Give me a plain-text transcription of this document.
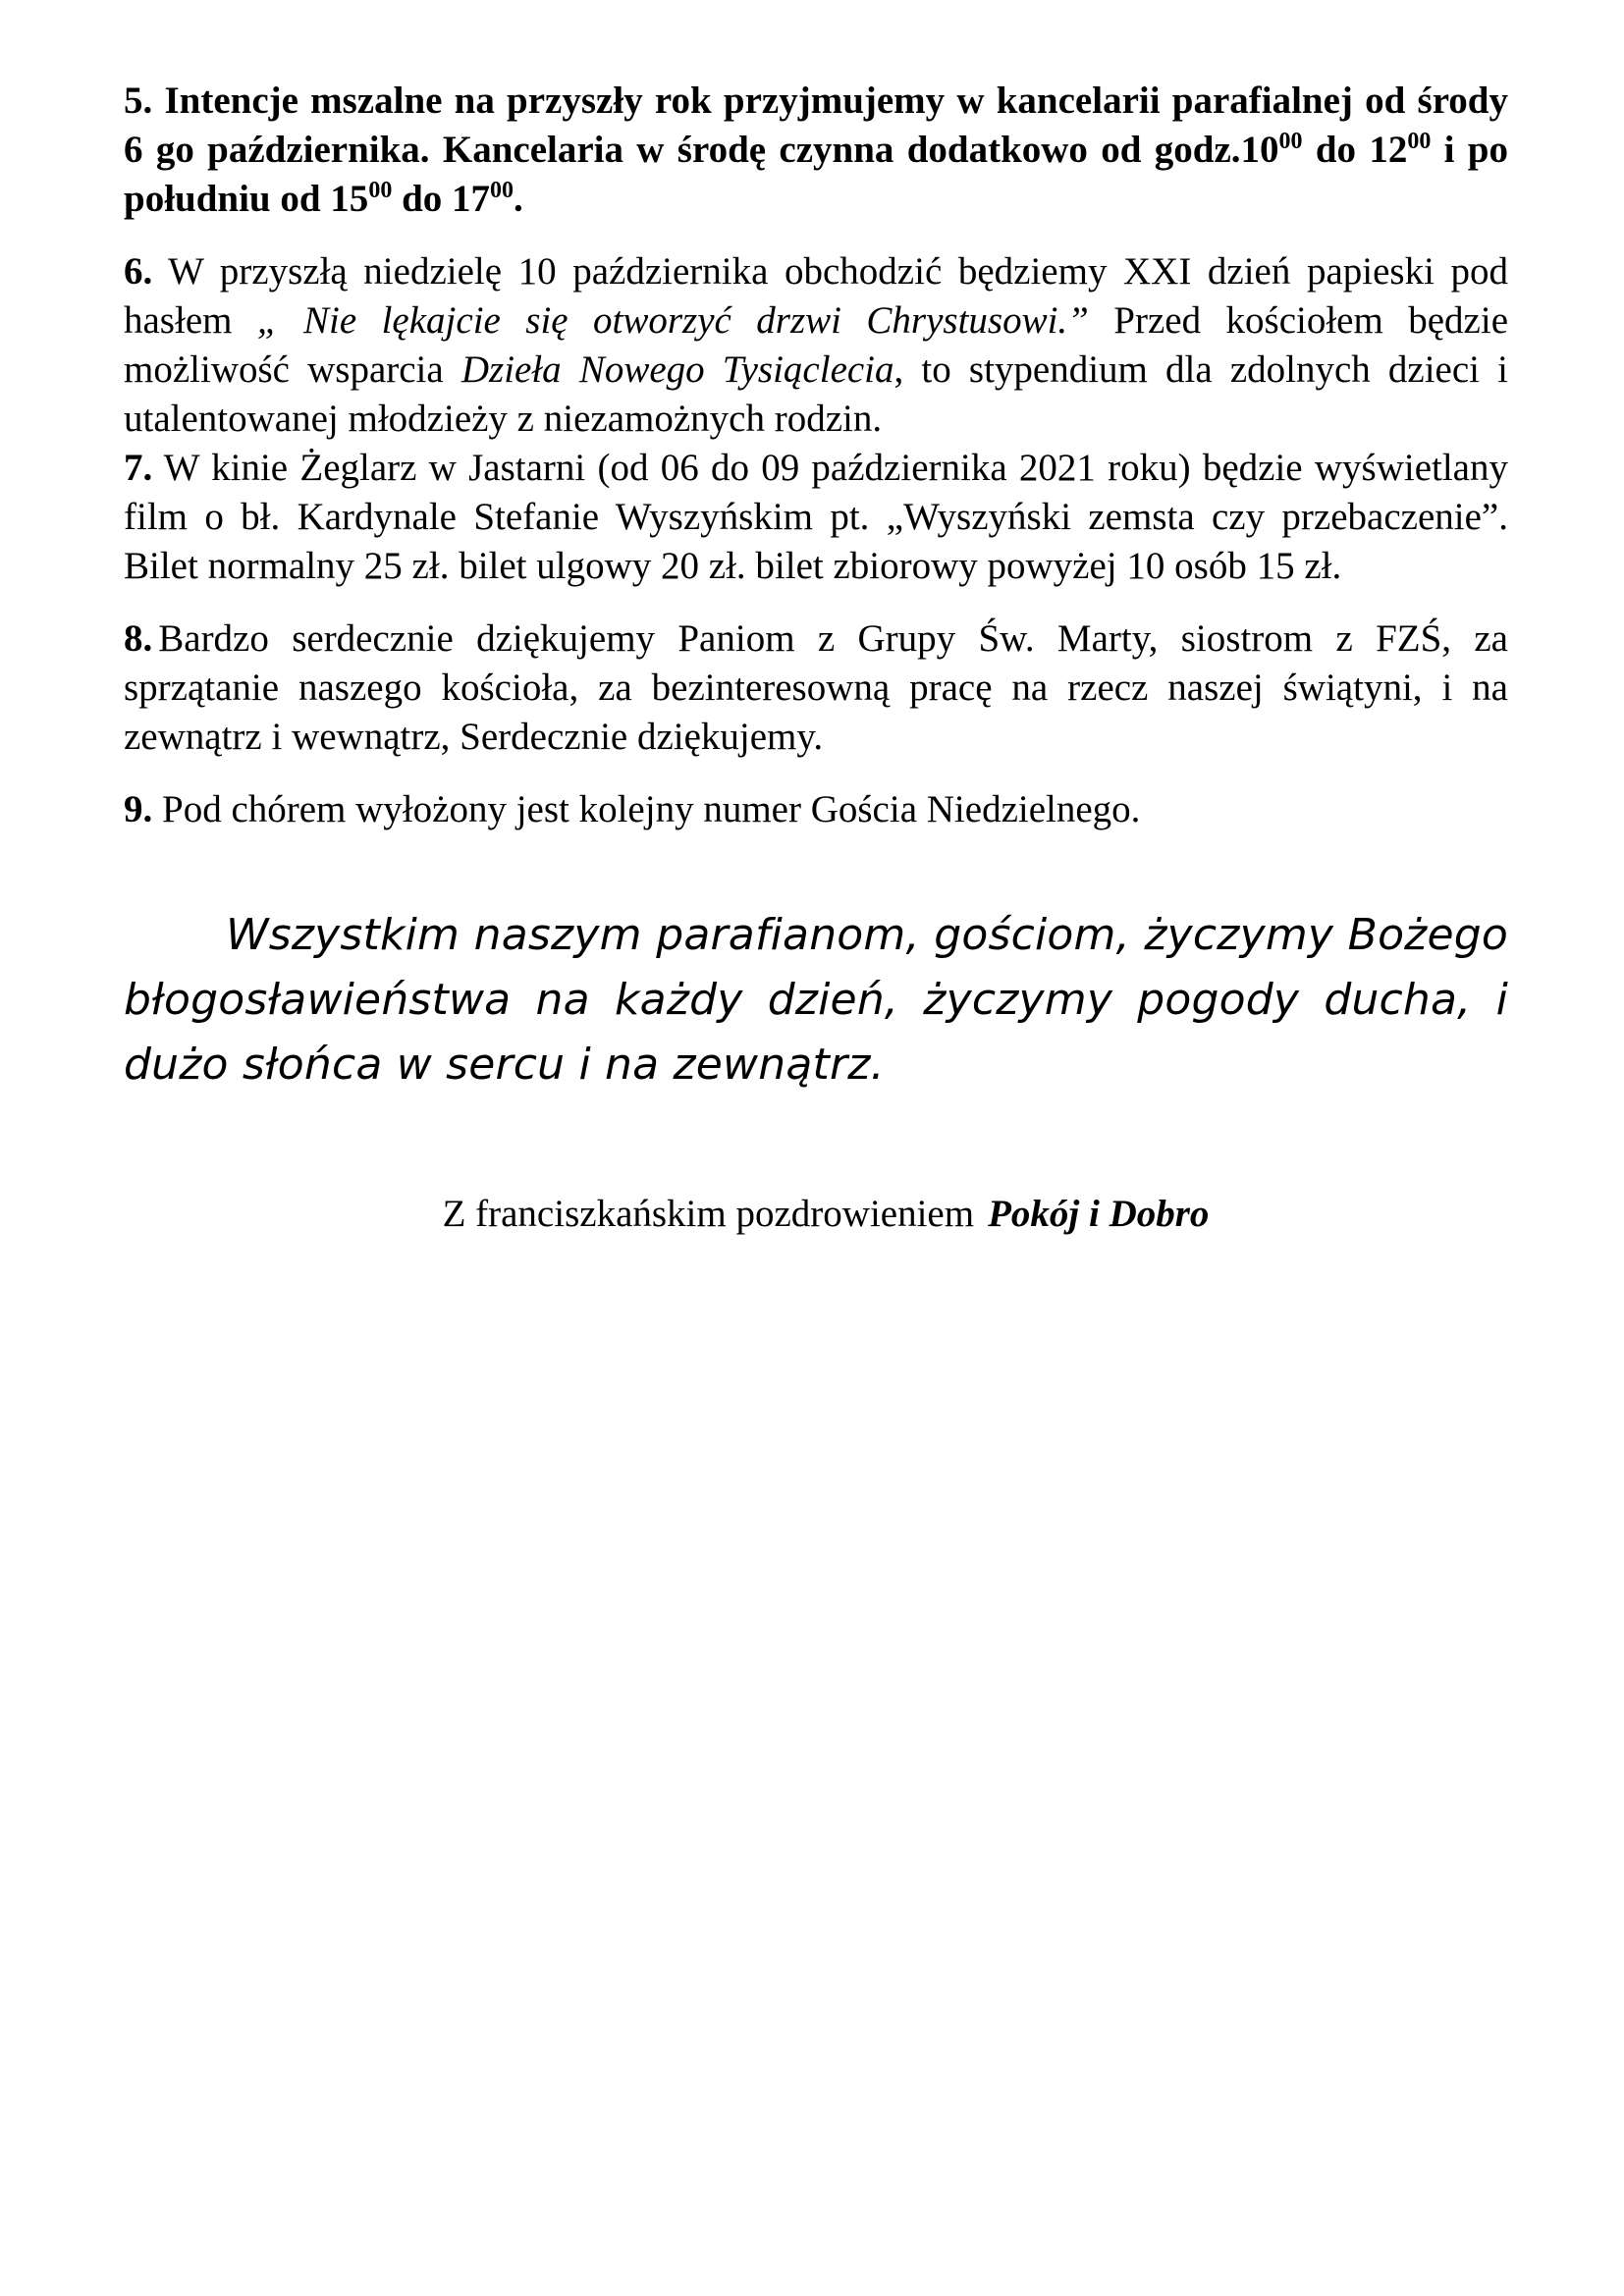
5. Intencje mszalne na przyszły rok przyjmujemy w kancelarii parafialnej od środy 6 go października. Kancelaria w środę czynna dodatkowo od $godz.10^{00}$ do $12^{00}$ i po południu od $15^{00}$ do $17^{00}$.

6. W przyszłą niedzielę 10 października obchodzić będziemy XXI dzień papieski pod hasłem „ Nie lękajcie się otworzyć drzwi Chrystusowi.” Przed kościołem będzie możliwość wsparcia Dzieła Nowego Tysiąclecia, to stypendium dla zdolnych dzieci i utalentowanej młodzieży z niezamożnych rodzin.

7. W kinie Żeglarz w Jastarni (od 06 do 09 października 2021 roku) będzie wyświetlany film o bł. Kardynale Stefanie Wyszyńskim pt. „Wyszyński zemsta czy przebaczenie”. Bilet normalny 25 zł. bilet ulgowy 20 zł. bilet zbiorowy powyżej 10 osób 15 zł.

8. Bardzo serdecznie dziękujemy Paniom z Grupy Św. Marty, siostrom z FZŚ, za sprzątanie naszego kościoła, za bezinteresowną pracę na rzecz naszej świątyni, i na zewnątrz i wewnątrz, Serdecznie dziękujemy.

9. Pod chórem wyłożony jest kolejny numer Gościa Niedzielnego.

Wszystkim naszym parafianom, gościom, życzymy Bożego błogosławieństwa na każdy dzień, życzymy pogody ducha, i dużo słońca w sercu i na zewnątrz.

Z franciszkańskim pozdrowieniem Pokój i Dobro
